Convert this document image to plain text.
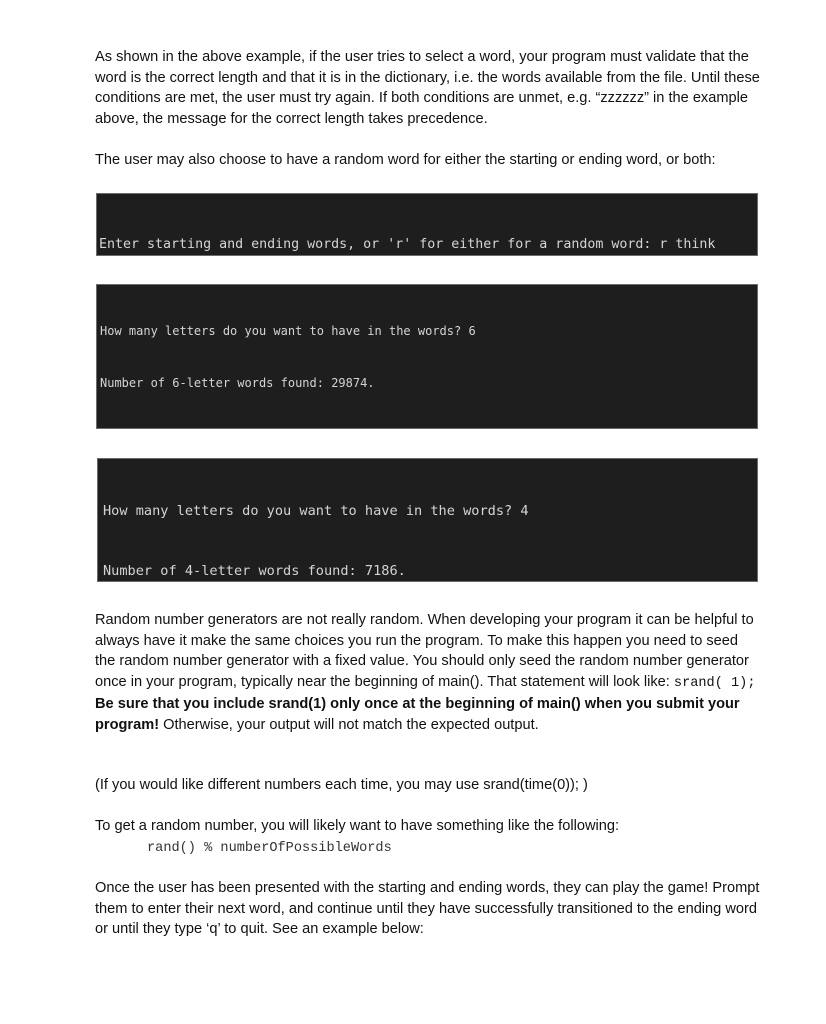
As shown in the above example, if the user tries to select a word, your program must validate that the word is the correct length and that it is in the dictionary, i.e. the words available from the file. Until these conditions are met, the user must try again. If both conditions are unmet, e.g. “zzzzzz” in the example above, the message for the correct length takes precedence.

The user may also choose to have a random word for either the starting or ending word, or both:

Enter starting and ending words, or 'r' for either for a random word: r think

How many letters do you want to have in the words? 6

Number of 6-letter words found: 29874.

How many letters do you want to have in the words? 4

Number of 4-letter words found: 7186.

Random number generators are not really random. When developing your program it can be helpful to always have it make the same choices you run the program. To make this happen you need to seed the random number generator with a fixed value. You should only seed the random number generator once in your program, typically near the beginning of main(). That statement will look like: srand( 1); Be sure that you include srand(1) only once at the beginning of main() when you submit your program! Otherwise, your output will not match the expected output.

(If you would like different numbers each time, you may use srand(time(0)); )

To get a random number, you will likely want to have something like the following:

rand() % numberOfPossibleWords

Once the user has been presented with the starting and ending words, they can play the game! Prompt them to enter their next word, and continue until they have successfully transitioned to the ending word or until they type ‘q’ to quit. See an example below:
